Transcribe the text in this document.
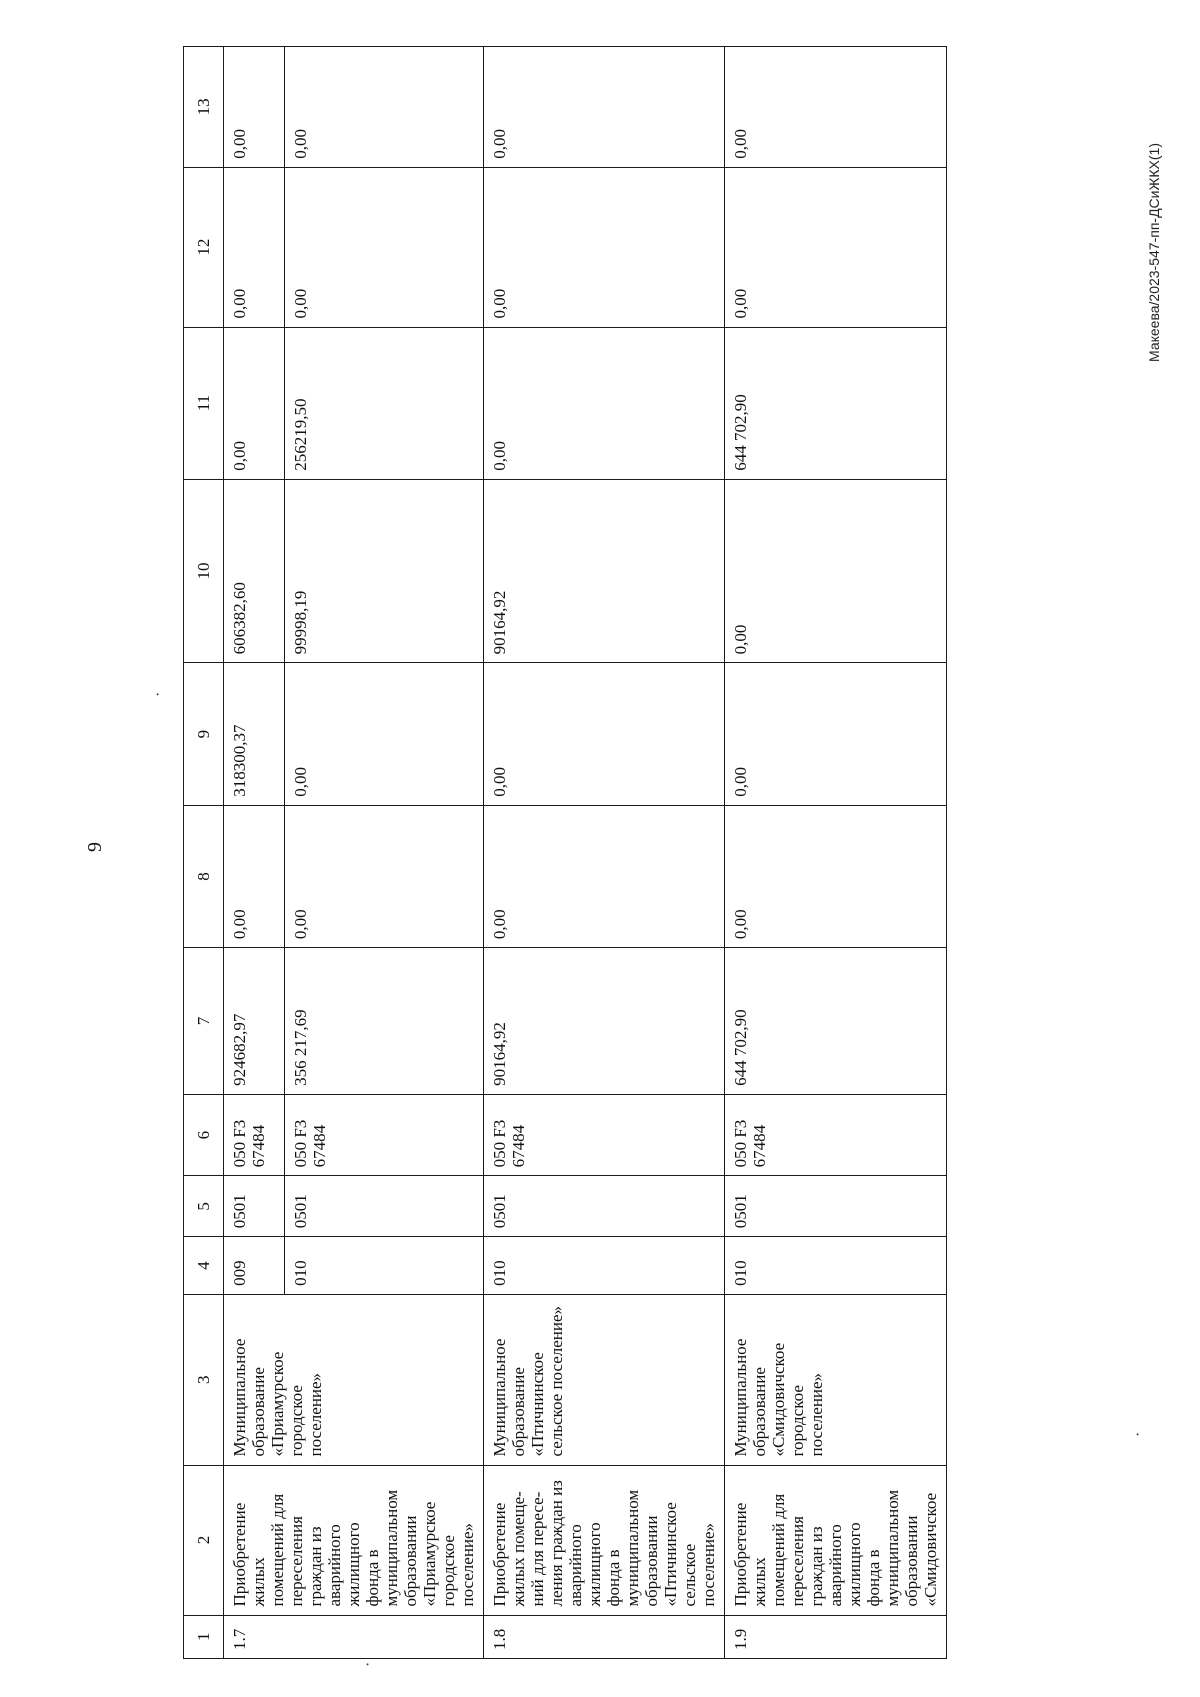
9
1	2	3	4	5	6	7	8	9	10	11	12	13
1.7	Приобретение жилых помещений для переселения граждан из аварийного жилищного фонда в муниципальном образовании «Приамурское городское поселение»	Муниципальное образование «Приамурское городское поселение»	009	0501	050 F3 67484	924682,97	0,00	318300,37	606382,60	0,00	0,00	0,00
			010	0501	050 F3 67484	356 217,69	0,00	0,00	99998,19	256219,50	0,00	0,00
1.8	Приобретение жилых помеще-ний для пересе-ления граждан из аварийного жилищного фонда в муниципальном образовании «Птичнинское сельское поселение»	Муниципальное образование «Птичнинское сельское поселение»	010	0501	050 F3 67484	90164,92	0,00	0,00	90164,92	0,00	0,00	0,00
1.9	Приобретение жилых помещений для переселения граждан из аварийного жилищного фонда в муниципальном образовании «Смидовичское	Муниципальное образование «Смидовичское городское поселение»	010	0501	050 F3 67484	644 702,90	0,00	0,00	0,00	644 702,90	0,00	0,00	Макеева/2023-547-пп-ДСиЖКХ(1)
·
·
·
